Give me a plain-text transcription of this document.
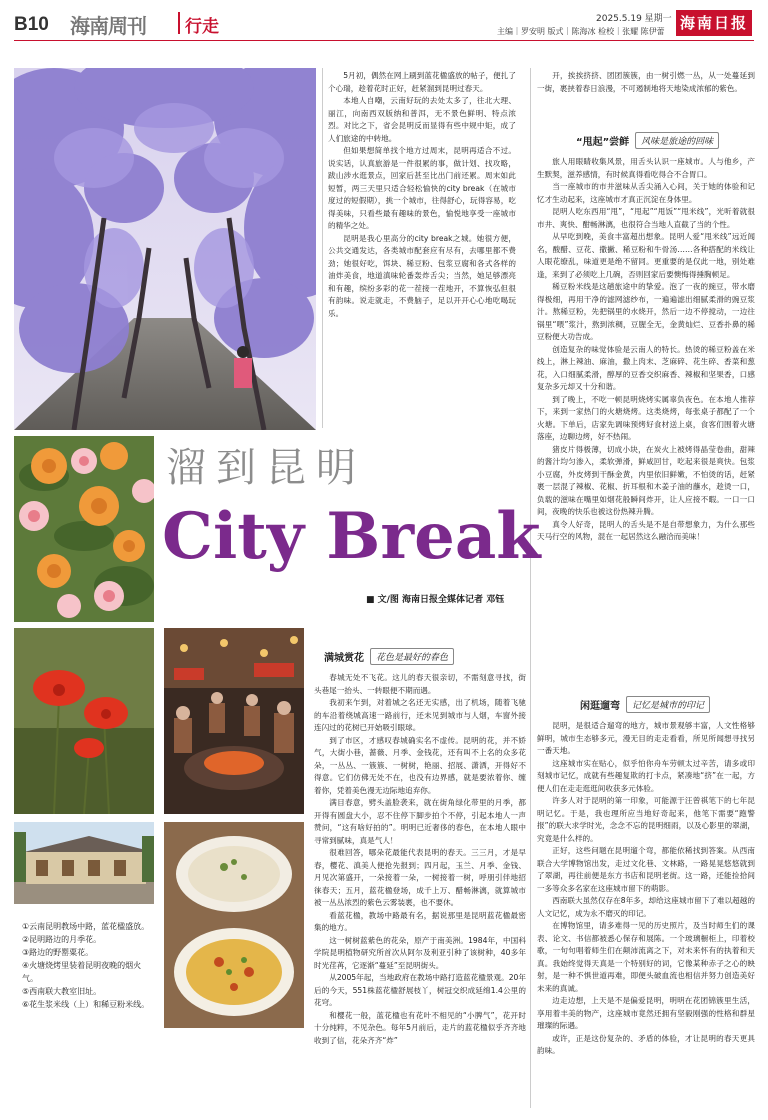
B10 海南周刊 行走	2025.5.19 星期一
主编｜罗安明 版式｜陈海冰 检校｜张耀 陈伊蕾 海南日报

5月初，偶然在网上刷到蓝花楹盛放的帖子，便扎了个心瑞，趁着花时正好，赶紧溜到昆明过春天。

本地人自嘲，云南好玩的去处太多了，往北大理、丽江，向南西双版纳和普洱，无不景色鲜明、特点浓烈。对比之下，省会昆明反而显得有些中规中矩，成了人们旅途的中转地。

但如果想简单找个地方过周末，昆明再适合不过。说实话，认真旅游是一件很累的事，做计划、找攻略，跋山涉水逛景点，回家后甚至比出门前还累。周末如此短暂，两三天里只适合轻松愉快的city break（在城市度过的短假期），挑一个城市，往得舒心，玩得容易，吃得美味，只看些最有趣味的景色，愉悦地享受一座城市的精华之处。

昆明是我心里高分的city break之城。她很方便，公共交通发达，各类城市配套应有尽有，去哪里都不费劲；她很好吃，饵块、稀豆粉、包浆豆腐和各式各样的油炸美食，地道滇味轮番轰炸舌尖；当然，她足够漂亮和有趣，缤纷多彩的花一茬接一茬地开，不算恢弘但很有韵味。说走就走，不费脑子，足以开开心心地吃喝玩乐。

溜到昆明
City Break
■ 文/图 海南日报全媒体记者 邓钰
①云南昆明教场中路，蓝花楹盛放。
②昆明路边的月季花。
③路边的野罂粟花。
④火塘烧烤里装着昆明夜晚的烟火气。
⑤西南联大教室旧址。
⑥花生浆米线（上）和稀豆粉米线。
满城赏花	花色是最好的春色

春城无处不飞花。这儿的春天很亲切，不需刻意寻找，街头巷尾一抬头、一转眼便不期而遇。

我初来乍到，对着城之名还无实感，出了机场，随着飞驰的车沿着绕城高速一路前行，还未见到城市与人烟，车窗外接连闪过的花树已开始吸引眼球。

到了市区，才感叹春城确实名不虚传。昆明的花，并不娇气，大街小巷，蔷薇、月季、金钱花，还有叫不上名的众多花朵，一丛丛、一簇簇、一树树，艳丽、招展、潇洒，开得好不得意。它们仿佛无处不在，也没有边界感，就是要浓着你、缠着你，凭着美色漫无边际地追弃你。

满目春意，劈头盖脸袭来，就在街角绿化带里的月季，都开得有圆盘大小，忍不住停下脚步拍个不停，引起本地人一声赞问，“这有啥好拍的”。明明已近奢侈的春色，在本地人眼中寻常到腻味，真是气人！

很难回答，哪朵花最能代表昆明的春天。三三月，才是早春，樱花、滇美人便抢先报到；四月起，玉兰、月季、金钱、月见次第盛开，一朵接着一朵，一树接着一树，呼朋引伴地招徕春天；五月，蓝花楹登场，成千上万、醋畅淋漓，就算城市被一丛丛浓烈的紫色云雾装裹，也不要休。

看蓝花楹，教场中路最有名，据说那里是昆明蓝花楹最密集的地方。

这一树树蓝紫色的花朵，原产于南美洲。1984年，中国科学院昆明植物研究所首次从阿尔及利亚引种了该树种，40多年时光荏苒，它逐渐“蔓延”至昆明街头。

从2005年起，当地政府在教场中路打造蓝花楹景观。20年后的今天，551株蓝花楹舒展枝丫，树冠交织成延绵1.4公里的花穹。

和樱花一般，蓝花楹也有花叶不相见的“小脾气”，花开时十分纯粹，不见杂色。每年5月前后，走片的蓝花楹似乎齐齐地收到了信，花朵齐齐“炸”

开，挨挨挤挤、团团簇簇，由一树引燃一丛，从一处蔓延到一街，裹挟着春日浪漫，不可遏制地将天地染成浓郁的紫色。

“甩起”尝鲜	风味是旅途的回味

旅人用眼睛收集风景，用舌头认识一座城市。人与他乡，产生默契，滋养感情，有时候真得看吃得合不合胃口。

当一座城市的市井滋味从舌尖涌入心间，关于她的体验和记忆才生动起来，这座城市才真正沉淀在身体里。

昆明人吃东西用“甩”，“甩起”“甩饭”“甩米线”，光听着就很市井、爽快、酣畅淋漓，也很符合当地人直截了当的个性。

从早吃到晚，美食丰富超出想象。昆明人爱“甩米线”远近闻名，酸醋、豆花、撒撇、稀豆粉和牛骨汤……各种搭配的米线让人眼花缭乱，味道更是绝不留同。更重要的是仅此一地，别处难逢，来到了必须吃上几碗，否则回家后要懊悔得捶胸顿足。

稀豆粉米线是这趟旅途中的挚爱。泡了一夜的豌豆，带水磨得极细，再用干净的滤网滤纱布，一遍遍滤出细腻柔滑的豌豆浆汁。熬稀豆粉，先把锅里的水烧开，然后一边不停搅动，一边往锅里“喂”浆汁，熬到浓稠，豆腥全无，金黄灿烂、豆香扑鼻的稀豆粉便大功告成。

创造复杂的味觉体验是云南人的特长。热烫的稀豆粉盖在米线上，淋上辣油、麻油，撒上肉末、芝麻碎、花生碎、香菜和葱花，入口细腻柔滑，醇厚的豆香交织麻香、辣椒和坚果香，口感复杂多元却又十分和谐。

到了晚上，不吃一顿昆明烧烤实属辜负夜色。在本地人推荐下，来到一家热门的火塘烧烤。这类烧烤，每张桌子都配了一个火塘。下单后，店家先调味预烤好食材送上桌，食客们围着火塘落座，边聊边烤，好不热闹。

猪皮片得极薄，切成小块，在炭火上被烤得晶莹卷曲，甜辣的酱汁均匀渗入，柔软弹滑，鲜咸回甘，吃起来很是爽快。包浆小豆腐，外皮烤到干酥金黄，内里依旧鲜嫩，不怕烫的话，赶紧裹一层混了辣椒、花椒、折耳根和木姜子油的蘸水，趁烫一口，负载的滋味在嘴里如烟花般瞬间炸开，让人应接不暇。一口一口间，夜晚的快乐也被这份热辣升腾。

真令人好奇，昆明人的舌头是不是自带想象力，为什么那些天马行空的风物，混在一起居然这么融洽而美味！

闲逛遛弯	记忆是城市的印记

昆明，是很适合遛弯的地方，城市景观够丰富，人文性格够鲜明，城市生态够多元，漫无目的走走看看，所见所闻想寻找另一番天地。

这座城市实在贴心，似乎怕你舟车劳顿太过辛苦，请多或印刻城市记忆，成就有些趣复欺的打卡点，紧凑地“挤”在一起，方便人们在走走逛逛间收获多元体验。

许多人对于昆明的第一印象，可能源于汪曾祺笔下的七年昆明记忆。于是，我也理所应当地好奇起来，他笔下需要“跑警报”的联大求学时光，念念不忘的昆明细雨，以及心影里的翠湖，究竟是什么样的。

正好，这些问题在昆明遛个弯，都能依稀找到答案。从西南联合大学博物馆出发，走过文化巷、文林路，一路晃晃悠悠就到了翠湖，再往前便是东方书店和昆明老街。这一路，还能捡拾间一多等众多名家在这座城市留下的萌影。

西南联大虽然仅存在8年多，却给这座城市留下了难以超越的人文记忆，成为永不磨灭的印记。

在博物馆里，请多难得一见的历史照片，及当时师生们的课表、论文、书信都被悉心保存和展陈。一个玻璃橱柜上，印着校歌，一句句唱着师生们在颠沛流离之下，对未来怀有的执着和天真。我始终觉得天真是一个特别好的词，它像某种赤子之心的映射，是一种不惧世道再难，即便头破血流也相信并努力创造美好未来的真诚。

边走边想，上天是不是偏爱昆明，明明在花团锦簇里生活，享用着丰美的物产，这座城市竟然还拥有坚毅刚强的性格和群星璀璨的际遇。

或许，正是这份复杂的、矛盾的体验，才让昆明的春天更具韵味。
